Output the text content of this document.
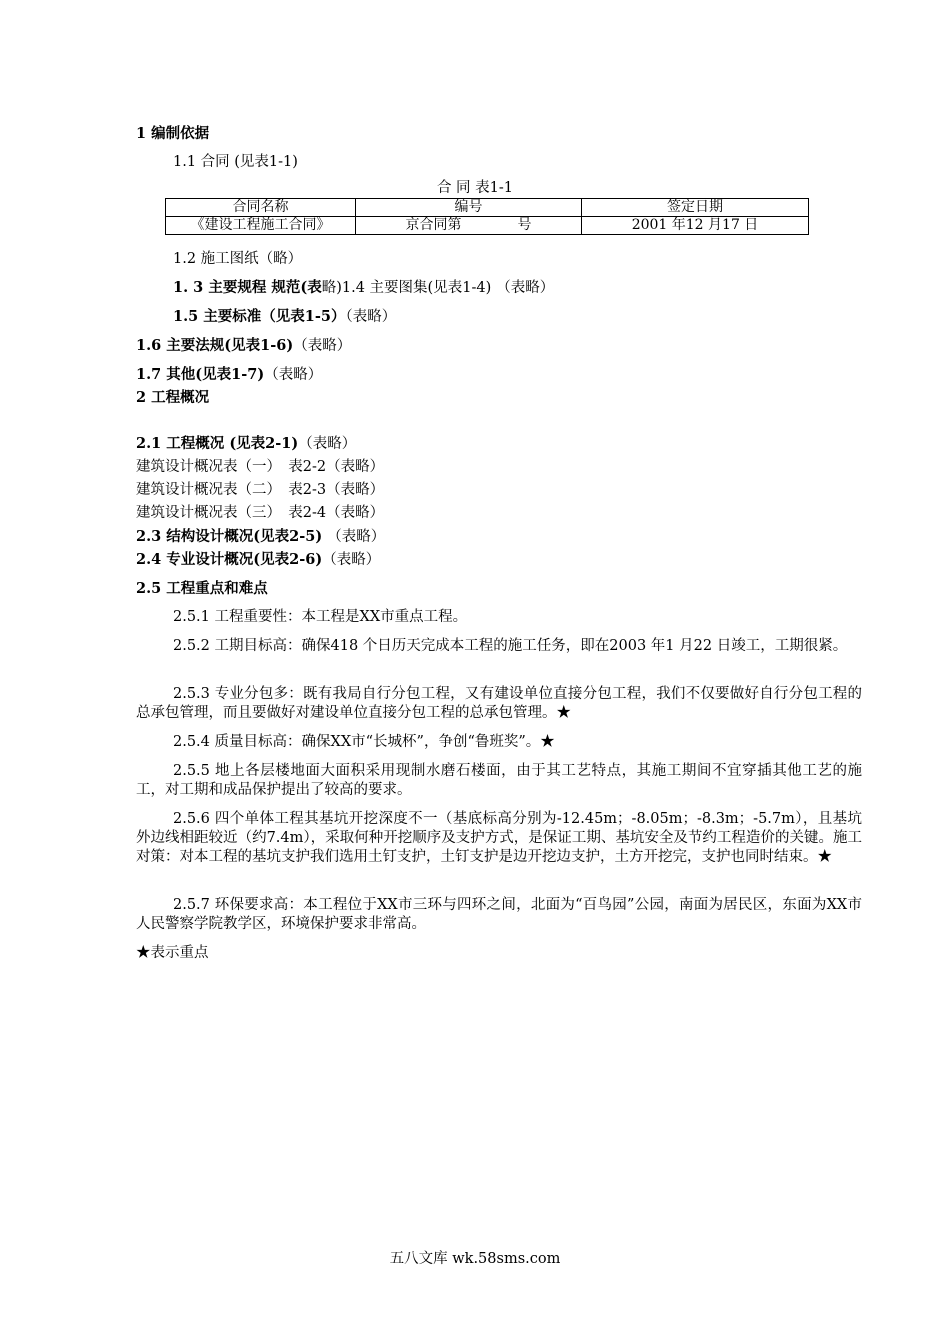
1 编制依据
1.1 合同 (见表1-1)
合 同 表1-1
合同名称	编号	签定日期
《建设工程施工合同》	京合同第　　　　号	2001 年12 月17 日
1.2 施工图纸（略）
1. 3 主要规程 规范(表略)1.4 主要图集(见表1-4) （表略）
1.5 主要标准（见表1-5）（表略）
1.6 主要法规(见表1-6)（表略）
1.7 其他(见表1-7)（表略）
2 工程概况
2.1 工程概况 (见表2-1)（表略）
建筑设计概况表（一）　表2-2（表略）
建筑设计概况表（二）　表2-3（表略）
建筑设计概况表（三）　表2-4（表略）
2.3 结构设计概况(见表2-5) （表略）
2.4 专业设计概况(见表2-6)（表略）
2.5 工程重点和难点
2.5.1 工程重要性：本工程是XX市重点工程。
2.5.2 工期目标高：确保418 个日历天完成本工程的施工任务，即在2003 年1 月22 日竣工，工期很紧。
2.5.3 专业分包多：既有我局自行分包工程，又有建设单位直接分包工程，我们不仅要做好自行分包工程的总承包管理，而且要做好对建设单位直接分包工程的总承包管理。★
2.5.4 质量目标高：确保XX市“长城杯”，争创“鲁班奖”。★
2.5.5 地上各层楼地面大面积采用现制水磨石楼面，由于其工艺特点，其施工期间不宜穿插其他工艺的施工，对工期和成品保护提出了较高的要求。
2.5.6 四个单体工程其基坑开挖深度不一（基底标高分别为-12.45m；-8.05m；-8.3m；-5.7m），且基坑外边线相距较近（约7.4m），采取何种开挖顺序及支护方式，是保证工期、基坑安全及节约工程造价的关键。施工对策：对本工程的基坑支护我们选用土钉支护，土钉支护是边开挖边支护，土方开挖完，支护也同时结束。★
2.5.7 环保要求高：本工程位于XX市三环与四环之间，北面为“百鸟园”公园，南面为居民区，东面为XX市人民警察学院教学区，环境保护要求非常高。
★表示重点
五八文库 wk.58sms.com
